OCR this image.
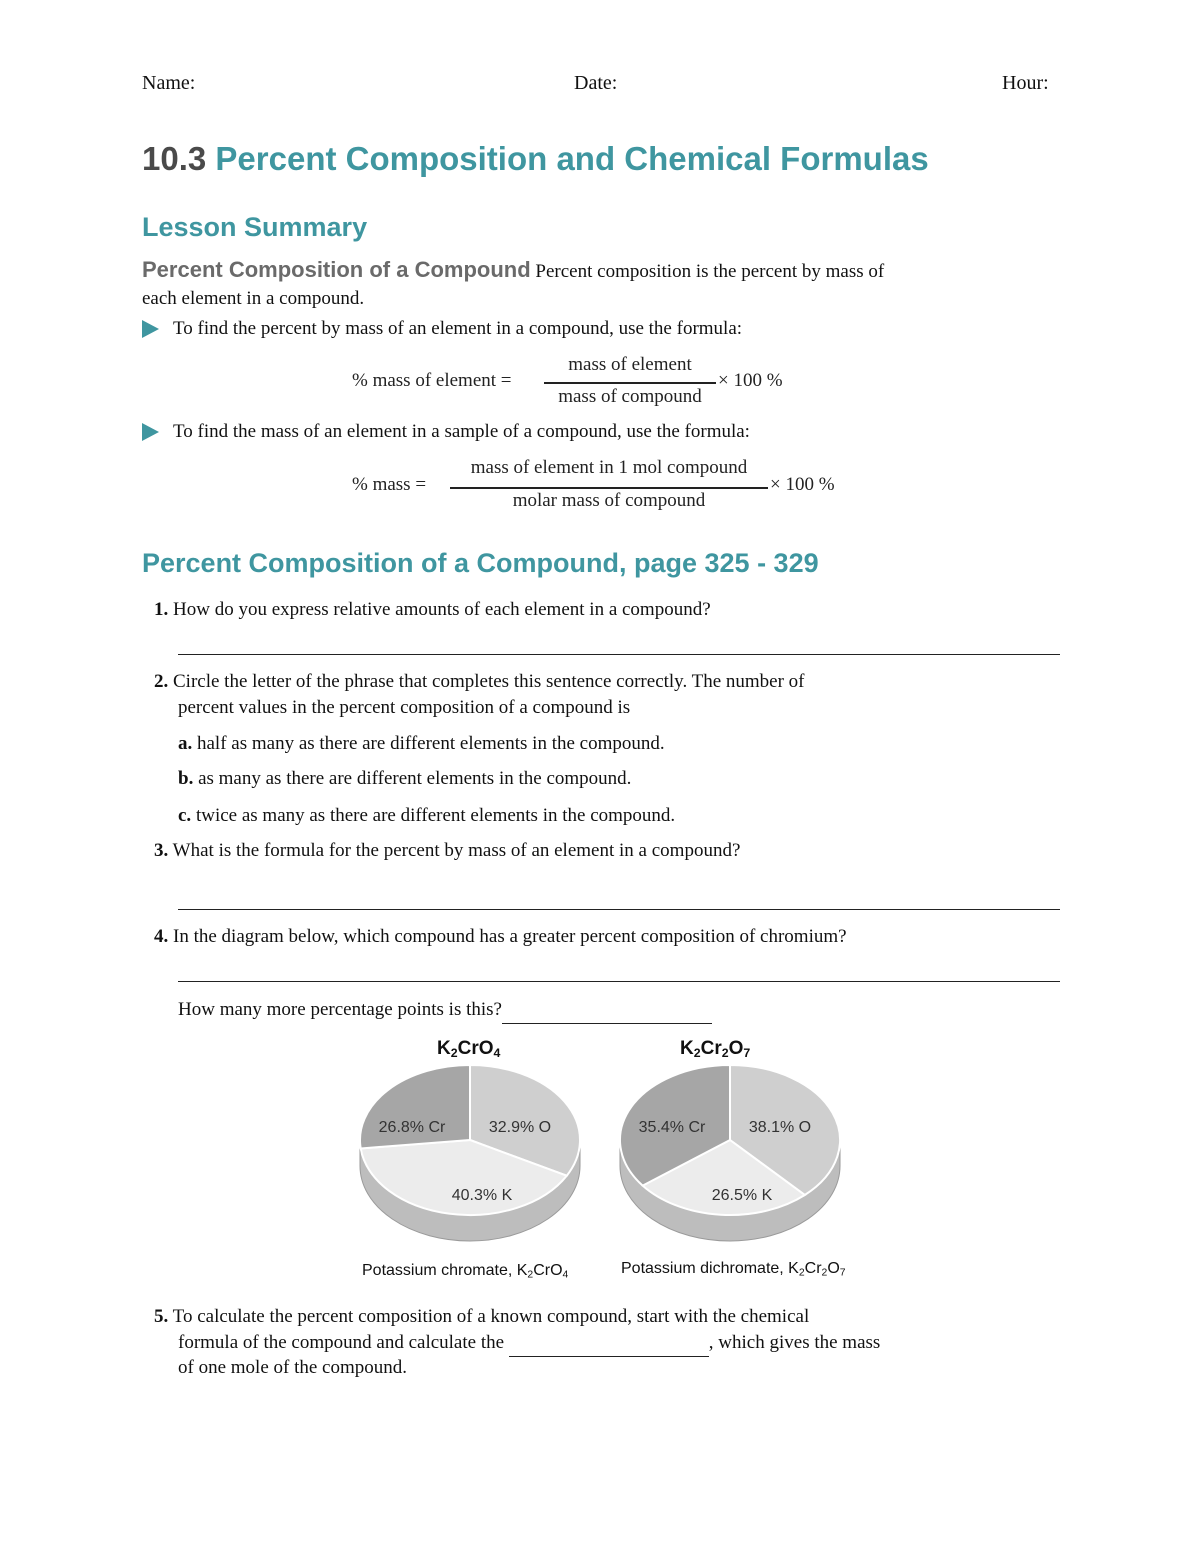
Name:	Date:	Hour:
10.3 Percent Composition and Chemical Formulas
Lesson Summary
Percent Composition of a Compound Percent composition is the percent by mass of
each element in a compound.
To find the percent by mass of an element in a compound, use the formula:
% mass of element =
mass of element
mass of compound
× 100 %
To find the mass of an element in a sample of a compound, use the formula:
% mass =
mass of element in 1 mol compound
molar mass of compound
× 100 %
Percent Composition of a Compound, page 325 - 329
1. How do you express relative amounts of each element in a compound?
2. Circle the letter of the phrase that completes this sentence correctly. The number of
percent values in the percent composition of a compound is
a. half as many as there are different elements in the compound.
b. as many as there are different elements in the compound.
c. twice as many as there are different elements in the compound.
3. What is the formula for the percent by mass of an element in a compound?
4. In the diagram below, which compound has a greater percent composition of chromium?
How many more percentage points is this?
$K_2CrO_4$	$K_2Cr_2O_7$
26.8% Cr	32.9% O
40.3% K
35.4% Cr	38.1% O
26.5% K
Potassium chromate, $K_2CrO_4$	Potassium dichromate, $K_2Cr_2O_7$
5. To calculate the percent composition of a known compound, start with the chemical
formula of the compound and calculate the	, which gives the mass
of one mole of the compound.
